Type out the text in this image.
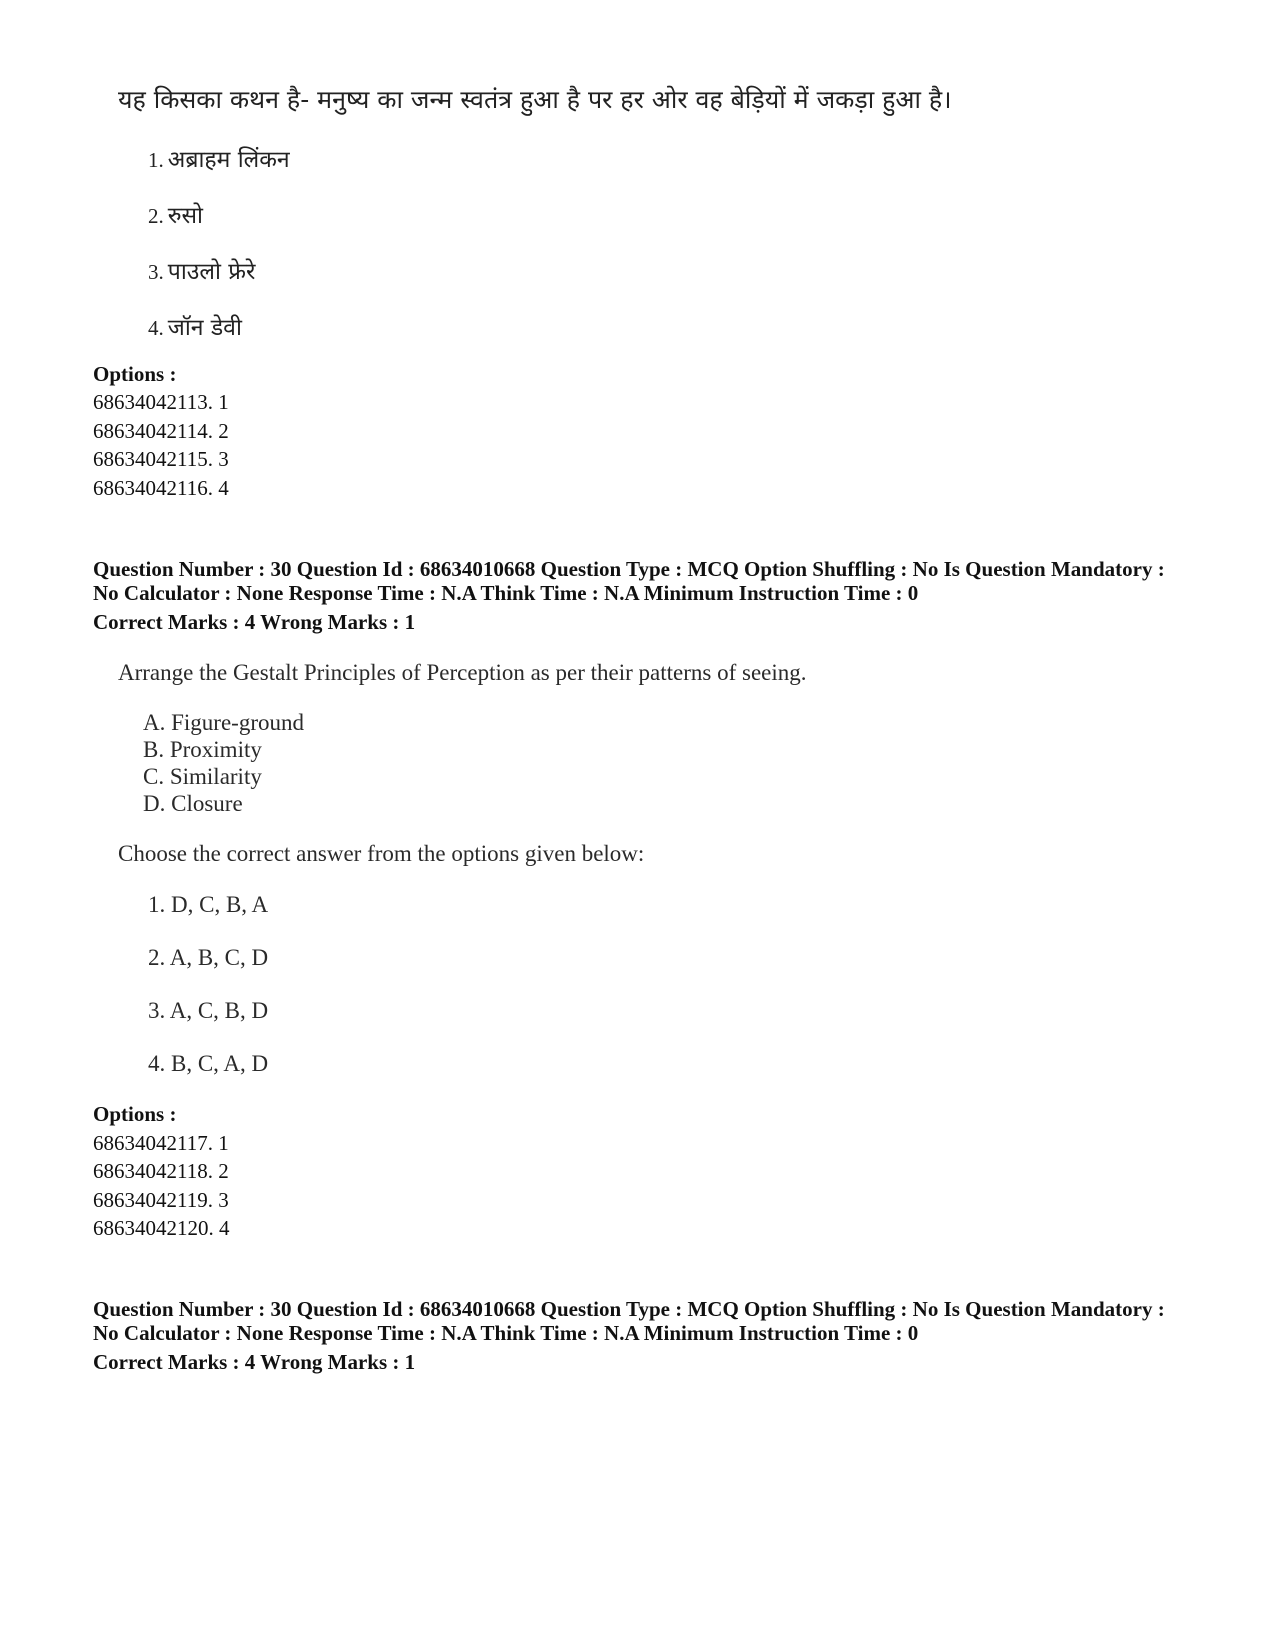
यह किसका कथन है- मनुष्य का जन्म स्वतंत्र हुआ है पर हर ओर वह बेड़ियों में जकड़ा हुआ है।
1. अब्राहम लिंकन
2. रुसो
3. पाउलो फ्रेरे
4. जॉन डेवी
Options :
68634042113. 1
68634042114. 2
68634042115. 3
68634042116. 4
Question Number : 30 Question Id : 68634010668 Question Type : MCQ Option Shuffling : No Is Question Mandatory :
No Calculator : None Response Time : N.A Think Time : N.A Minimum Instruction Time : 0
Correct Marks : 4 Wrong Marks : 1
Arrange the Gestalt Principles of Perception as per their patterns of seeing.
A. Figure-ground
B. Proximity
C. Similarity
D. Closure
Choose the correct answer from the options given below:
1. D, C, B, A
2. A, B, C, D
3. A, C, B, D
4. B, C, A, D
Options :
68634042117. 1
68634042118. 2
68634042119. 3
68634042120. 4
Question Number : 30 Question Id : 68634010668 Question Type : MCQ Option Shuffling : No Is Question Mandatory :
No Calculator : None Response Time : N.A Think Time : N.A Minimum Instruction Time : 0
Correct Marks : 4 Wrong Marks : 1
